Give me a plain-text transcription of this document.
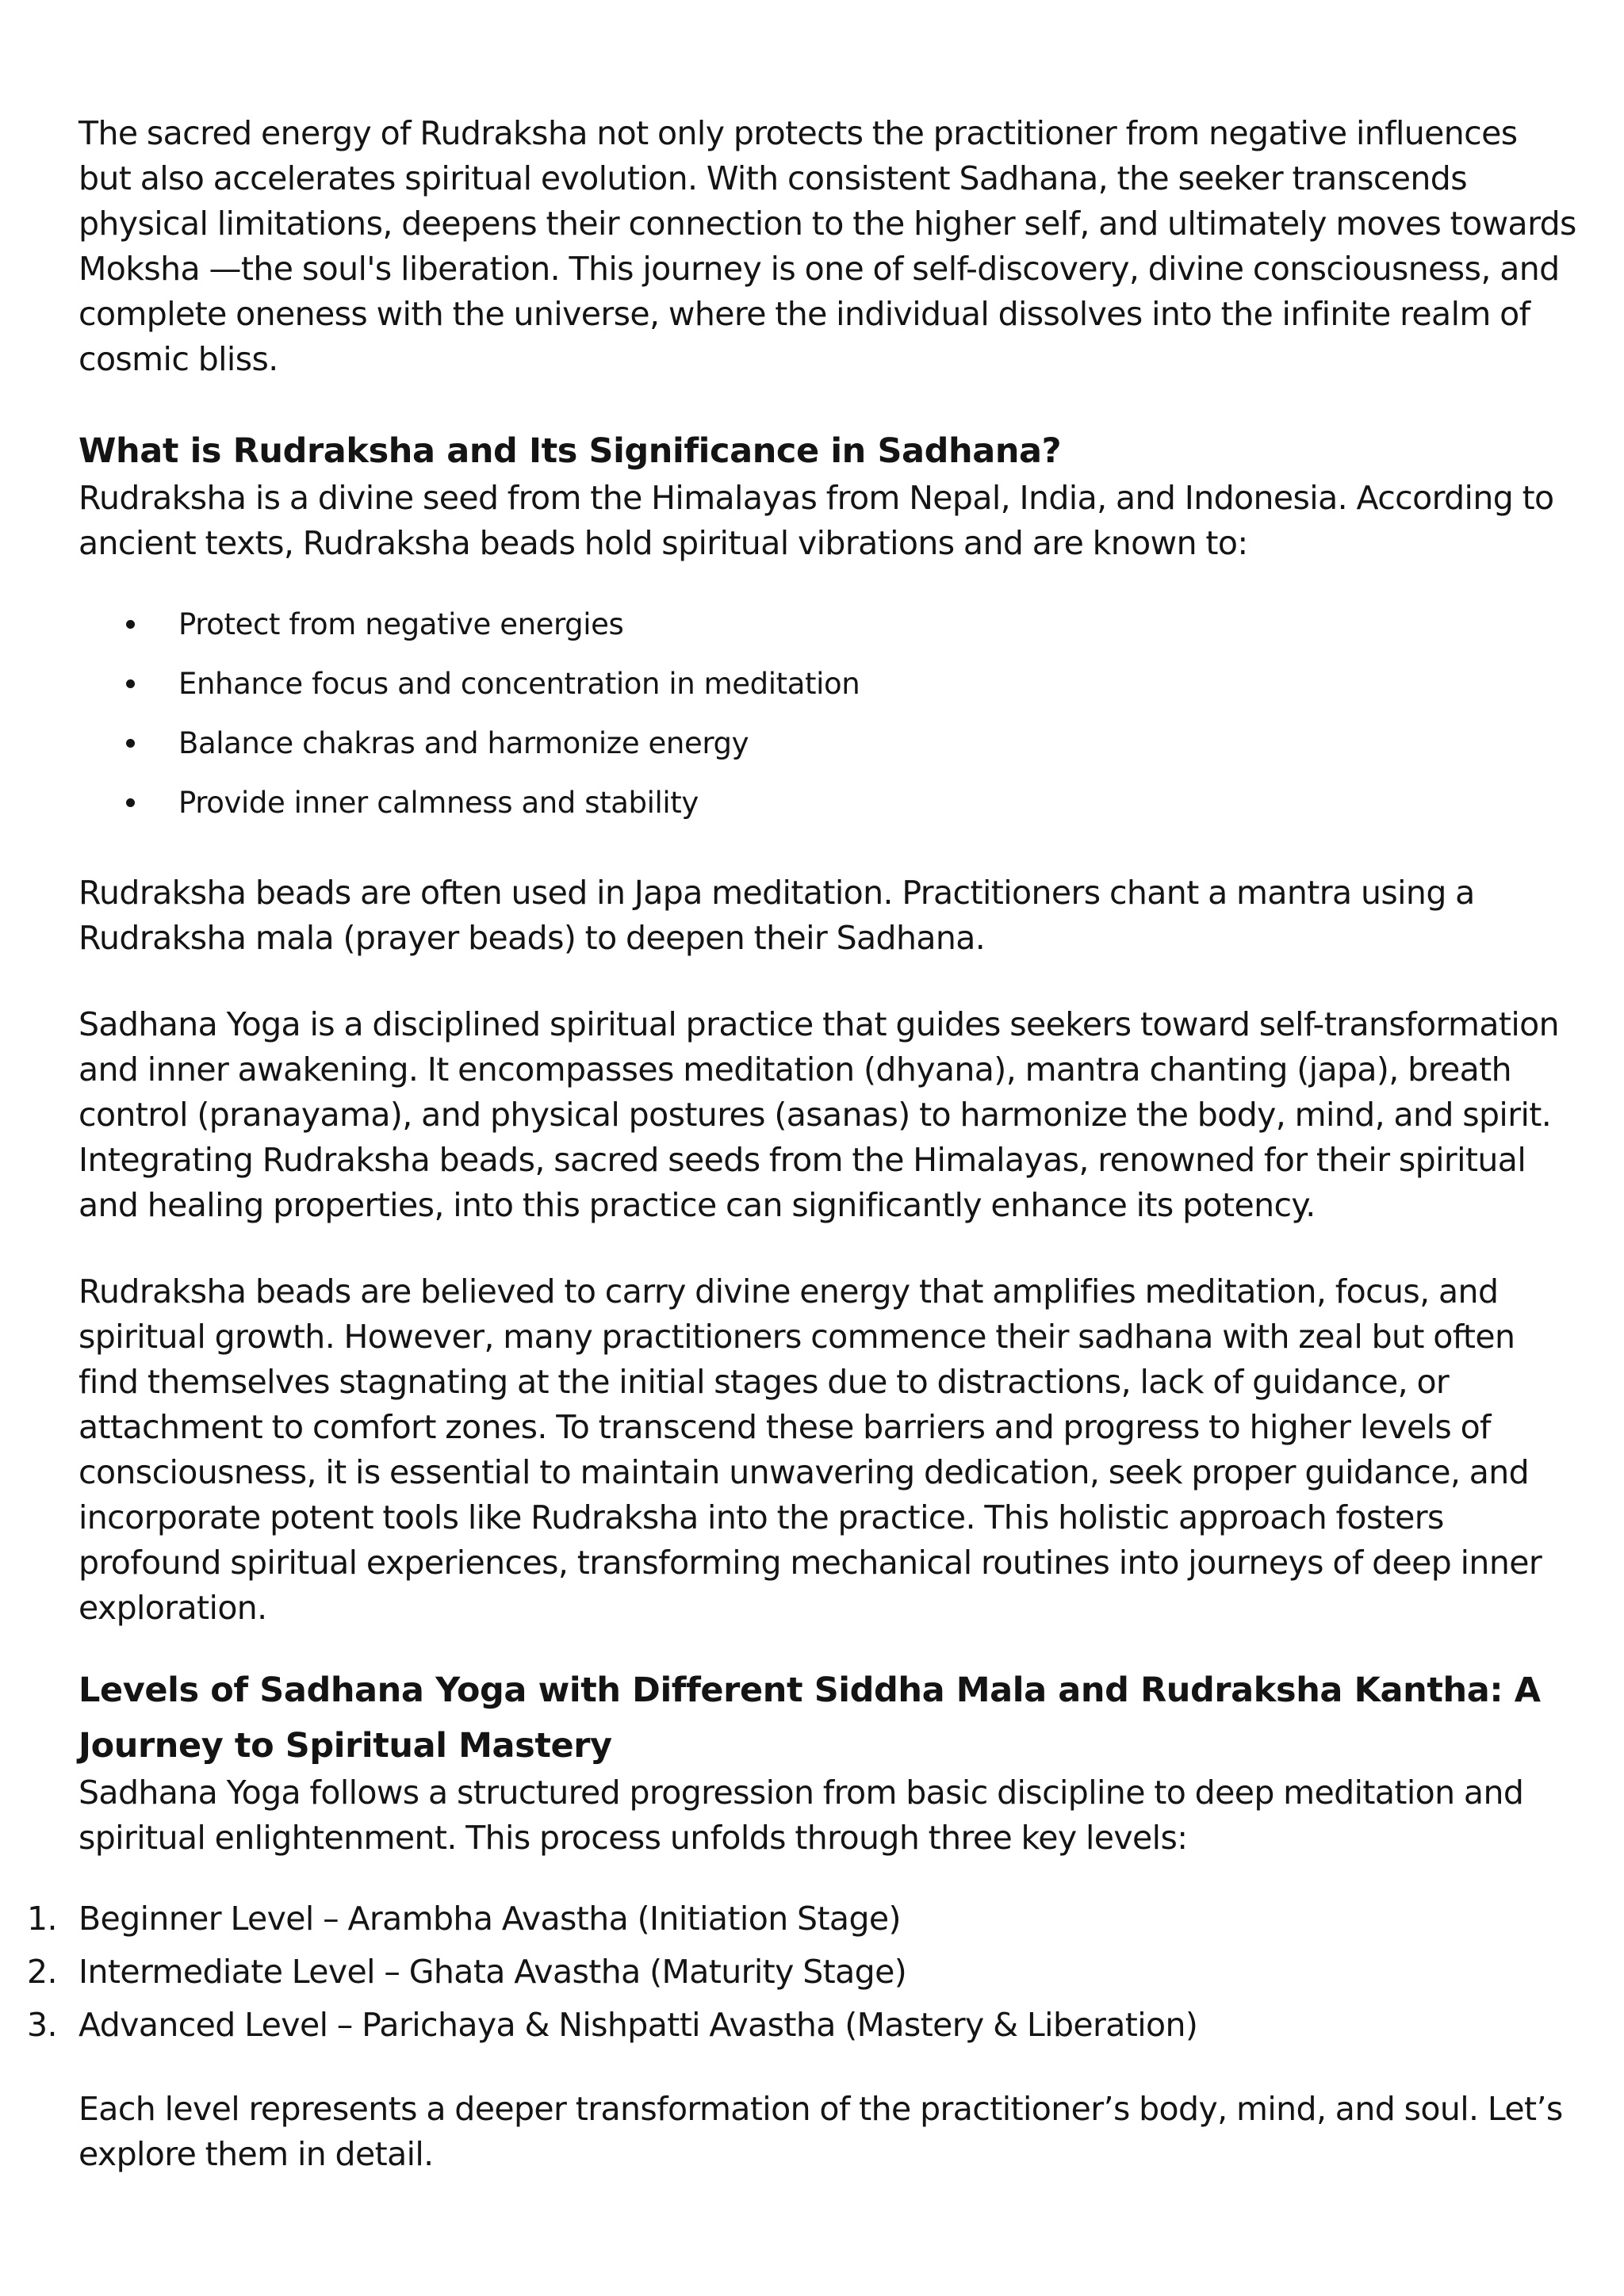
The sacred energy of Rudraksha not only protects the practitioner from negative influences but also accelerates spiritual evolution. With consistent Sadhana, the seeker transcends physical limitations, deepens their connection to the higher self, and ultimately moves towards Moksha —the soul's liberation. This journey is one of self-discovery, divine consciousness, and complete oneness with the universe, where the individual dissolves into the infinite realm of cosmic bliss.

What is Rudraksha and Its Significance in Sadhana?

Rudraksha is a divine seed from the Himalayas from Nepal, India, and Indonesia. According to ancient texts, Rudraksha beads hold spiritual vibrations and are known to:

Protect from negative energies
Enhance focus and concentration in meditation
Balance chakras and harmonize energy
Provide inner calmness and stability

Rudraksha beads are often used in Japa meditation. Practitioners chant a mantra using a Rudraksha mala (prayer beads) to deepen their Sadhana.

Sadhana Yoga is a disciplined spiritual practice that guides seekers toward self-transformation and inner awakening. It encompasses meditation (dhyana), mantra chanting (japa), breath control (pranayama), and physical postures (asanas) to harmonize the body, mind, and spirit. Integrating Rudraksha beads, sacred seeds from the Himalayas, renowned for their spiritual and healing properties, into this practice can significantly enhance its potency.

Rudraksha beads are believed to carry divine energy that amplifies meditation, focus, and spiritual growth. However, many practitioners commence their sadhana with zeal but often find themselves stagnating at the initial stages due to distractions, lack of guidance, or attachment to comfort zones. To transcend these barriers and progress to higher levels of consciousness, it is essential to maintain unwavering dedication, seek proper guidance, and incorporate potent tools like Rudraksha into the practice. This holistic approach fosters profound spiritual experiences, transforming mechanical routines into journeys of deep inner exploration.

Levels of Sadhana Yoga with Different Siddha Mala and Rudraksha Kantha: A Journey to Spiritual Mastery

Sadhana Yoga follows a structured progression from basic discipline to deep meditation and spiritual enlightenment. This process unfolds through three key levels:

1. Beginner Level – Arambha Avastha (Initiation Stage)
2. Intermediate Level – Ghata Avastha (Maturity Stage)
3. Advanced Level – Parichaya & Nishpatti Avastha (Mastery & Liberation)

Each level represents a deeper transformation of the practitioner’s body, mind, and soul. Let’s explore them in detail.
